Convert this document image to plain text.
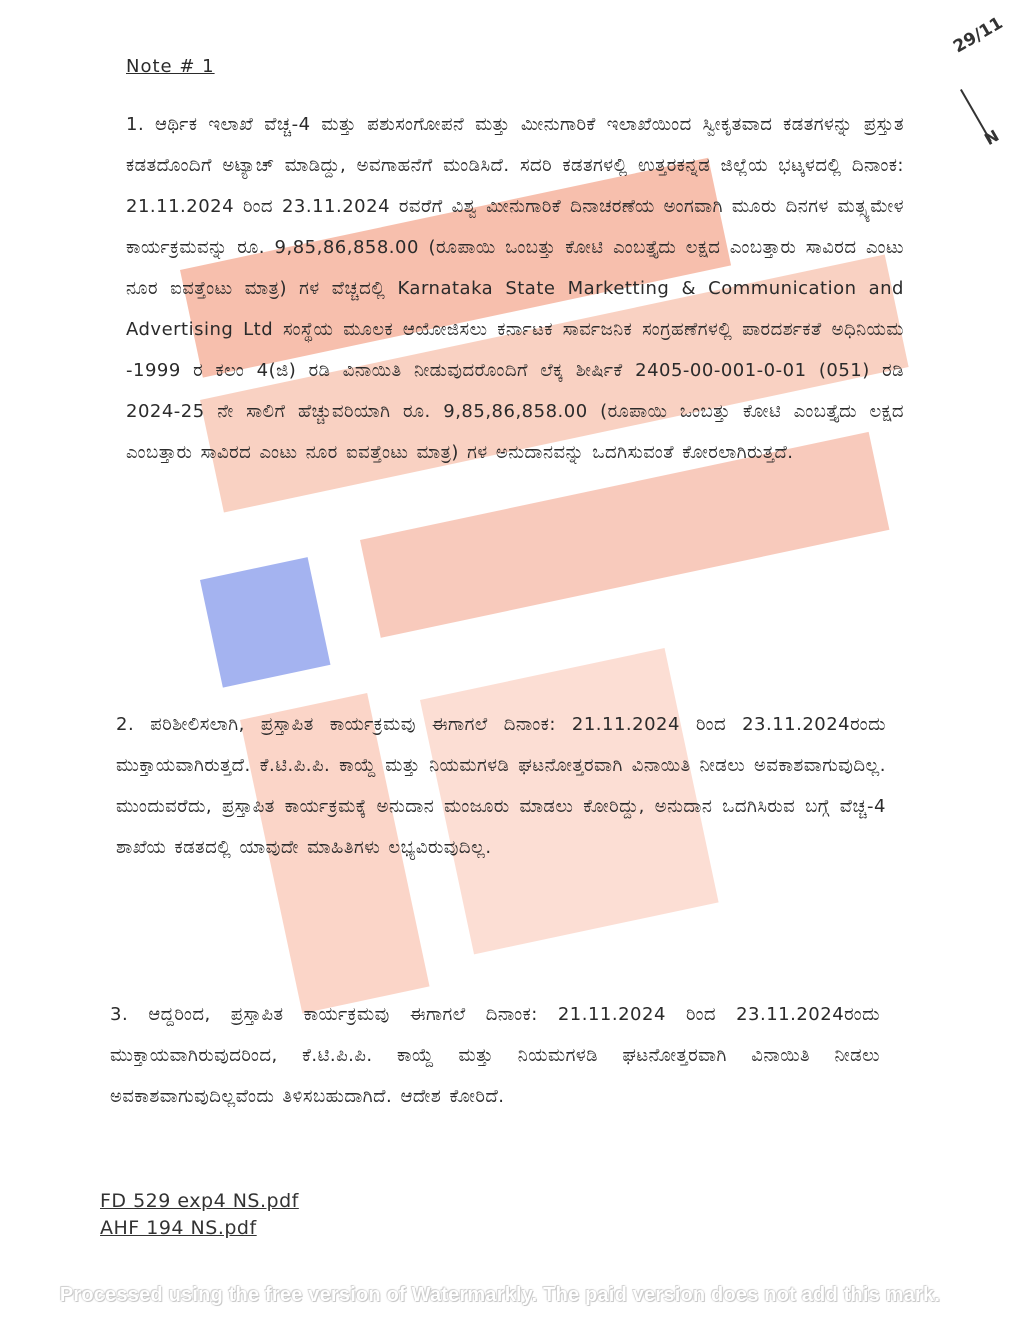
29/11
N
Note # 1
1. ಆರ್ಥಿಕ ಇಲಾಖೆ ವೆಚ್ಚ-4 ಮತ್ತು ಪಶುಸಂಗೋಪನೆ ಮತ್ತು ಮೀನುಗಾರಿಕೆ ಇಲಾಖೆಯಿಂದ ಸ್ವೀಕೃತವಾದ ಕಡತಗಳನ್ನು ಪ್ರಸ್ತುತ ಕಡತದೊಂದಿಗೆ ಅಟ್ಯಾಚ್ ಮಾಡಿದ್ದು, ಅವಗಾಹನೆಗೆ ಮಂಡಿಸಿದೆ. ಸದರಿ ಕಡತಗಳಲ್ಲಿ ಉತ್ತರಕನ್ನಡ ಜಿಲ್ಲೆಯ ಭಟ್ಕಳದಲ್ಲಿ ದಿನಾಂಕ: 21.11.2024 ರಿಂದ 23.11.2024 ರವರೆಗೆ ವಿಶ್ವ ಮೀನುಗಾರಿಕೆ ದಿನಾಚರಣೆಯ ಅಂಗವಾಗಿ ಮೂರು ದಿನಗಳ ಮತ್ಸ್ಯಮೇಳ ಕಾರ್ಯಕ್ರಮವನ್ನು ರೂ. 9,85,86,858.00 (ರೂಪಾಯಿ ಒಂಬತ್ತು ಕೋಟಿ ಎಂಬತ್ತೈದು ಲಕ್ಷದ ಎಂಬತ್ತಾರು ಸಾವಿರದ ಎಂಟು ನೂರ ಐವತ್ತೆಂಟು ಮಾತ್ರ) ಗಳ ವೆಚ್ಚದಲ್ಲಿ Karnataka State Marketting & Communication and Advertising Ltd ಸಂಸ್ಥೆಯ ಮೂಲಕ ಆಯೋಜಿಸಲು ಕರ್ನಾಟಕ ಸಾರ್ವಜನಿಕ ಸಂಗ್ರಹಣೆಗಳಲ್ಲಿ ಪಾರದರ್ಶಕತೆ ಅಧಿನಿಯಮ -1999 ರ ಕಲಂ 4(ಜಿ) ರಡಿ ವಿನಾಯಿತಿ ನೀಡುವುದರೊಂದಿಗೆ ಲೆಕ್ಕ ಶೀರ್ಷಿಕೆ 2405-00-001-0-01 (051) ರಡಿ 2024-25 ನೇ ಸಾಲಿಗೆ ಹೆಚ್ಚುವರಿಯಾಗಿ ರೂ. 9,85,86,858.00 (ರೂಪಾಯಿ ಒಂಬತ್ತು ಕೋಟಿ ಎಂಬತ್ತೈದು ಲಕ್ಷದ ಎಂಬತ್ತಾರು ಸಾವಿರದ ಎಂಟು ನೂರ ಐವತ್ತೆಂಟು ಮಾತ್ರ) ಗಳ ಅನುದಾನವನ್ನು ಒದಗಿಸುವಂತೆ ಕೋರಲಾಗಿರುತ್ತದೆ.
2. ಪರಿಶೀಲಿಸಲಾಗಿ, ಪ್ರಸ್ತಾಪಿತ ಕಾರ್ಯಕ್ರಮವು ಈಗಾಗಲೆ ದಿನಾಂಕ: 21.11.2024 ರಿಂದ 23.11.2024ರಂದು ಮುಕ್ತಾಯವಾಗಿರುತ್ತದೆ. ಕೆ.ಟಿ.ಪಿ.ಪಿ. ಕಾಯ್ದೆ ಮತ್ತು ನಿಯಮಗಳಡಿ ಘಟನೋತ್ತರವಾಗಿ ವಿನಾಯಿತಿ ನೀಡಲು ಅವಕಾಶವಾಗುವುದಿಲ್ಲ. ಮುಂದುವರೆದು, ಪ್ರಸ್ತಾಪಿತ ಕಾರ್ಯಕ್ರಮಕ್ಕೆ ಅನುದಾನ ಮಂಜೂರು ಮಾಡಲು ಕೋರಿದ್ದು, ಅನುದಾನ ಒದಗಿಸಿರುವ ಬಗ್ಗೆ ವೆಚ್ಚ-4 ಶಾಖೆಯ ಕಡತದಲ್ಲಿ ಯಾವುದೇ ಮಾಹಿತಿಗಳು ಲಭ್ಯವಿರುವುದಿಲ್ಲ.
3. ಆದ್ದರಿಂದ, ಪ್ರಸ್ತಾಪಿತ ಕಾರ್ಯಕ್ರಮವು ಈಗಾಗಲೆ ದಿನಾಂಕ: 21.11.2024 ರಿಂದ 23.11.2024ರಂದು ಮುಕ್ತಾಯವಾಗಿರುವುದರಿಂದ, ಕೆ.ಟಿ.ಪಿ.ಪಿ. ಕಾಯ್ದೆ ಮತ್ತು ನಿಯಮಗಳಡಿ ಘಟನೋತ್ತರವಾಗಿ ವಿನಾಯಿತಿ ನೀಡಲು ಅವಕಾಶವಾಗುವುದಿಲ್ಲವೆಂದು ತಿಳಿಸಬಹುದಾಗಿದೆ. ಆದೇಶ ಕೋರಿದೆ.
FD 529 exp4 NS.pdf
AHF 194 NS.pdf
Processed using the free version of Watermarkly. The paid version does not add this mark.
